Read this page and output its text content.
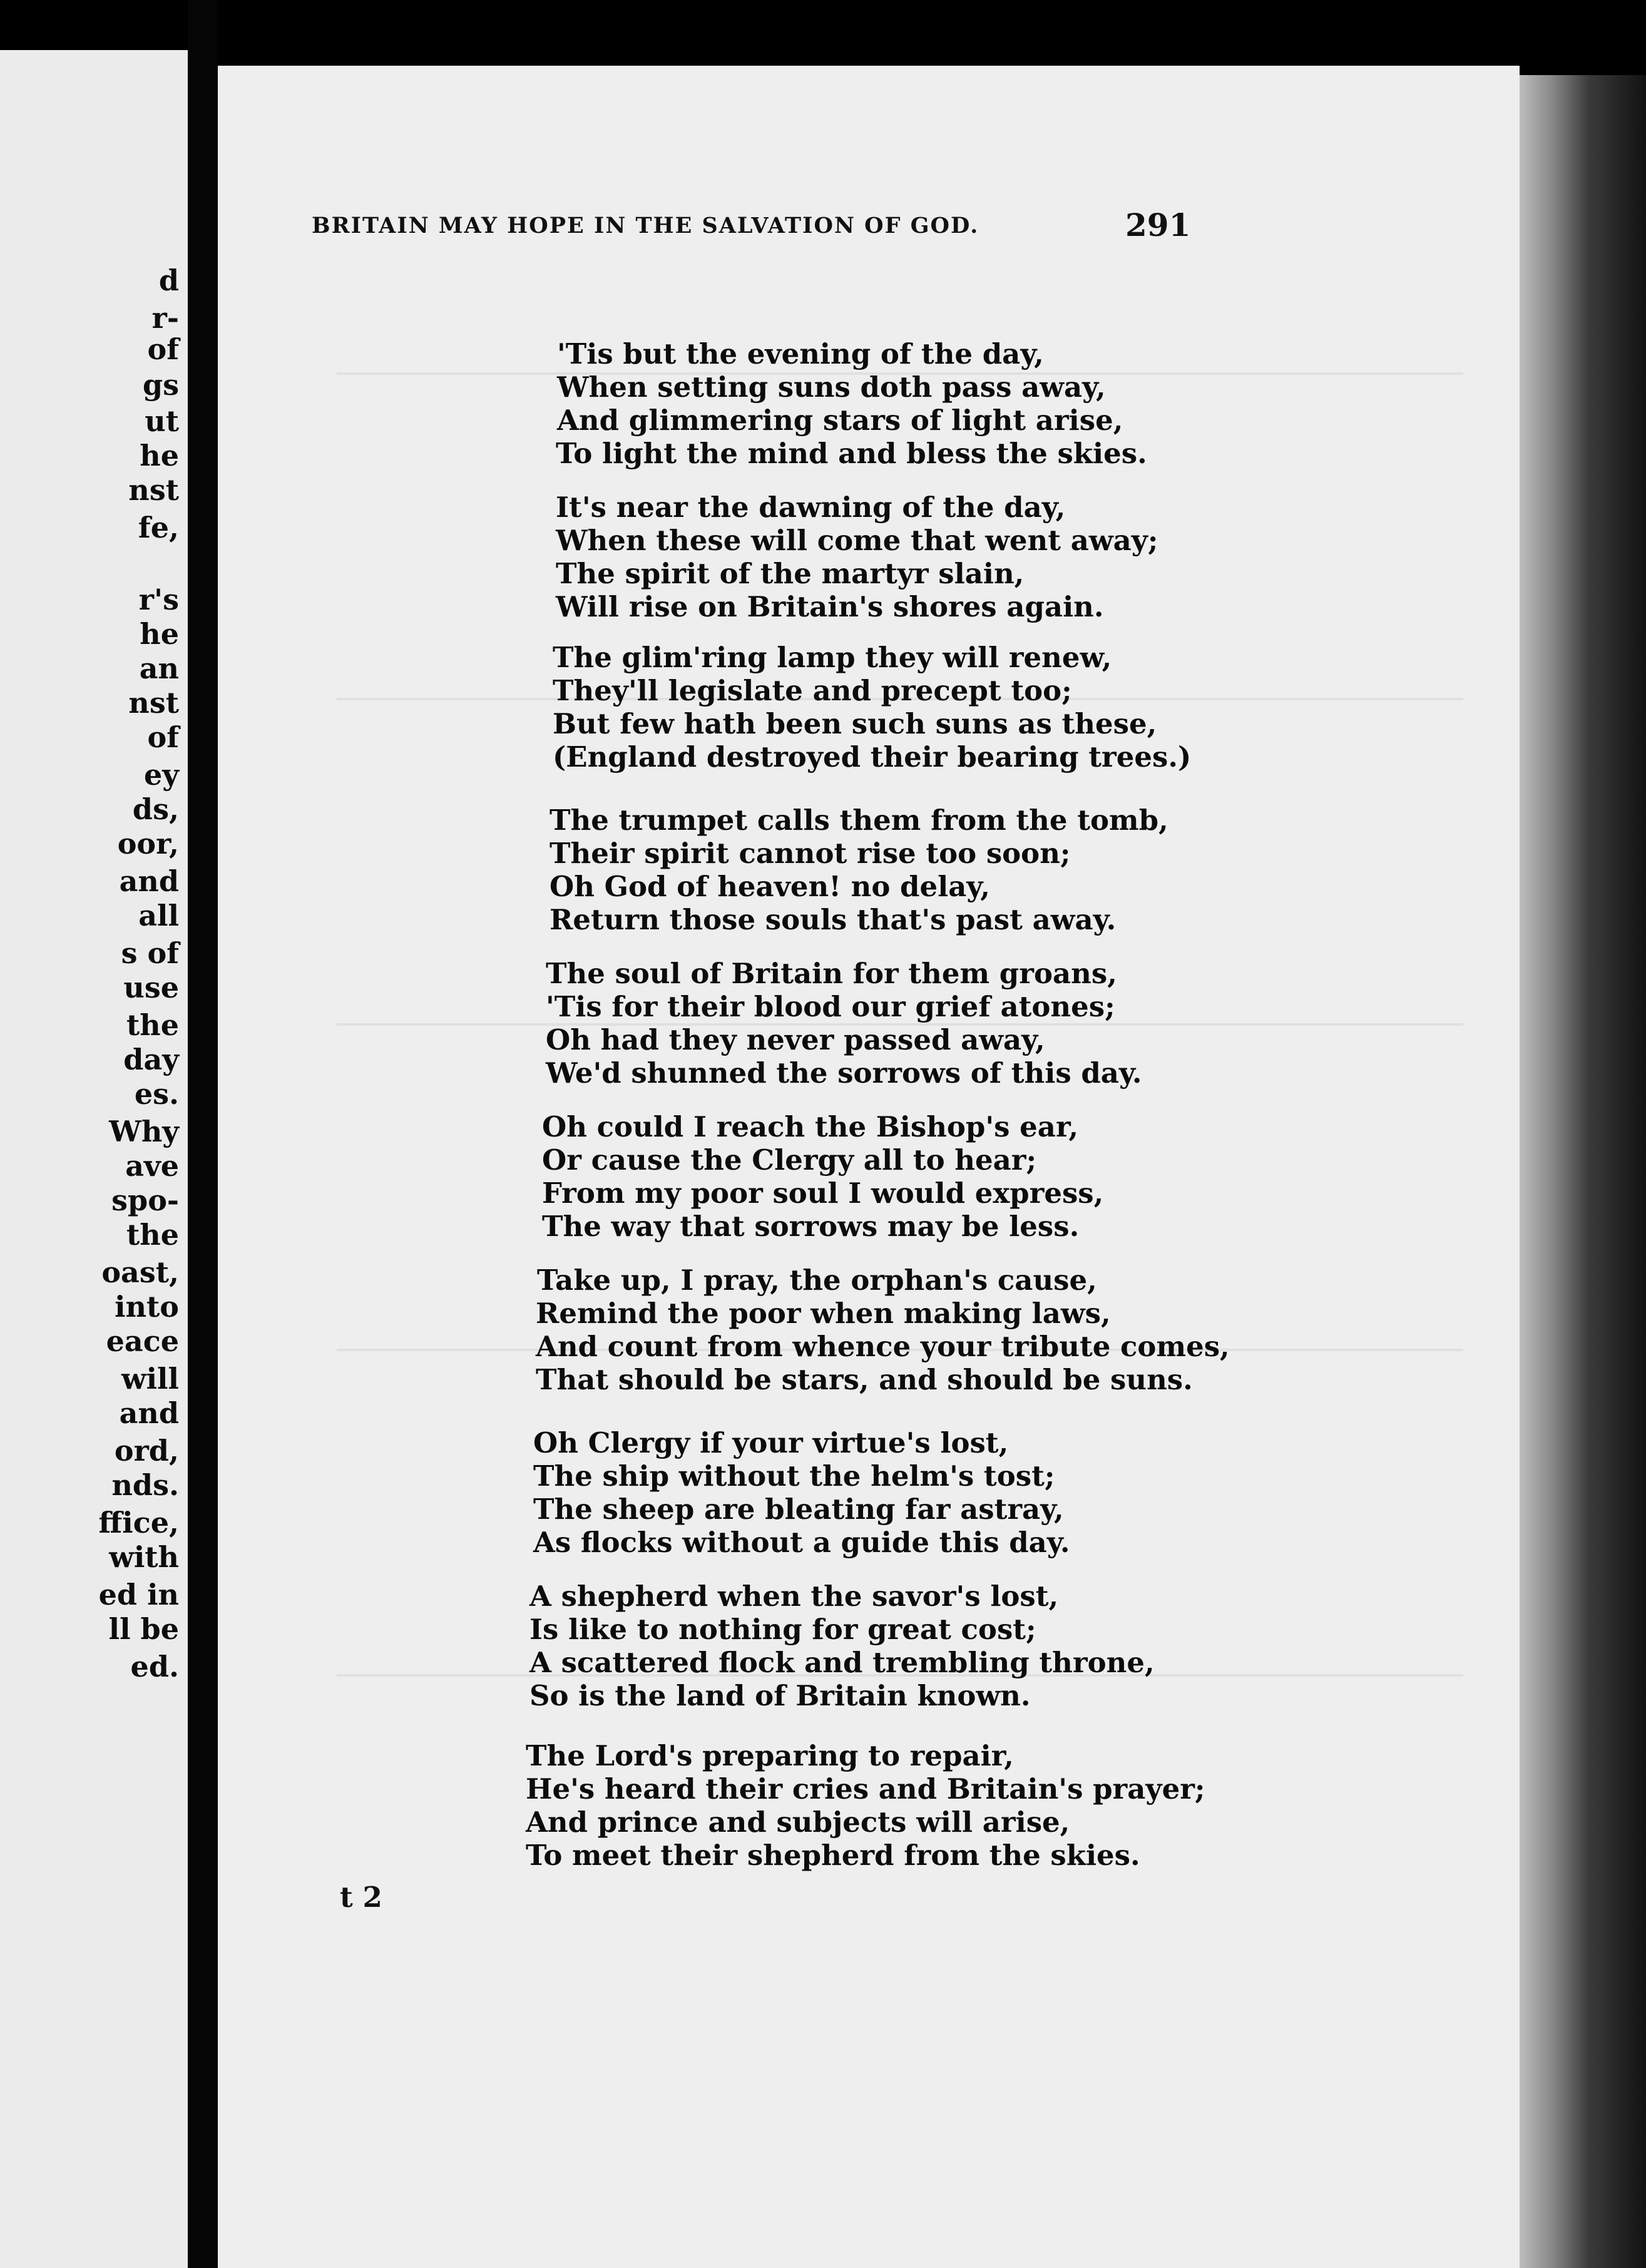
d

r-

of

gs

ut

he

nst

fe,

r's

he

an

nst

of

ey

ds,

oor,

and

all

s of

use

the

day

es.

Why

ave

spo-

the

oast,

into

eace

will

and

ord,

nds.

ffice,

with

ed in

ll be

ed.

BRITAIN MAY HOPE IN THE SALVATION OF GOD.	291

'Tis but the evening of the day,

When setting suns doth pass away,

And glimmering stars of light arise,

To light the mind and bless the skies.

It's near the dawning of the day,

When these will come that went away;

The spirit of the martyr slain,

Will rise on Britain's shores again.

The glim'ring lamp they will renew,

They'll legislate and precept too;

But few hath been such suns as these,

(England destroyed their bearing trees.)

The trumpet calls them from the tomb,

Their spirit cannot rise too soon;

Oh God of heaven! no delay,

Return those souls that's past away.

The soul of Britain for them groans,

'Tis for their blood our grief atones;

Oh had they never passed away,

We'd shunned the sorrows of this day.

Oh could I reach the Bishop's ear,

Or cause the Clergy all to hear;

From my poor soul I would express,

The way that sorrows may be less.

Take up, I pray, the orphan's cause,

Remind the poor when making laws,

And count from whence your tribute comes,

That should be stars, and should be suns.

Oh Clergy if your virtue's lost,

The ship without the helm's tost;

The sheep are bleating far astray,

As flocks without a guide this day.

A shepherd when the savor's lost,

Is like to nothing for great cost;

A scattered flock and trembling throne,

So is the land of Britain known.

The Lord's preparing to repair,

He's heard their cries and Britain's prayer;

And prince and subjects will arise,

To meet their shepherd from the skies.

t 2
